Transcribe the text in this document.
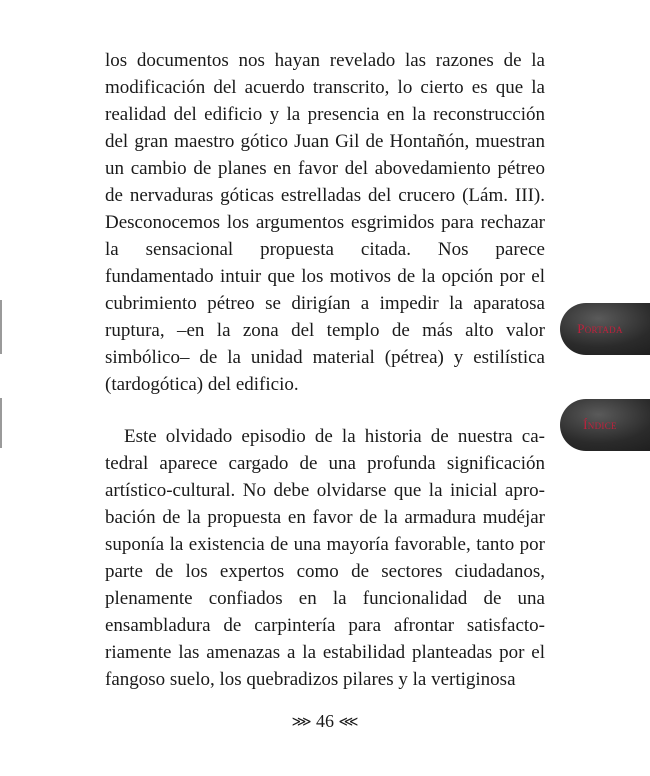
los documentos nos hayan revelado las razones de la modificación del acuerdo transcrito, lo cierto es que la realidad del edificio y la presencia en la reconstrucción del gran maestro gótico Juan Gil de Hontañón, muestran un cambio de planes en favor del abovedamiento pétreo de nervaduras góticas estrelladas del crucero (Lám. III). Desconocemos los argumentos esgrimidos para rechazar la sensacional propuesta citada. Nos parece fundamentado intuir que los motivos de la opción por el cubrimiento pétreo se dirigían a impedir la aparatosa ruptura, –en la zona del templo de más alto valor simbólico– de la unidad material (pétrea) y estilística (tardogótica) del edificio.
Este olvidado episodio de la historia de nuestra catedral aparece cargado de una profunda significación artístico-cultural. No debe olvidarse que la inicial aprobación de la propuesta en favor de la armadura mudéjar suponía la existencia de una mayoría favorable, tanto por parte de los expertos como de sectores ciudadanos, plenamente confiados en la funcionalidad de una ensambladura de carpintería para afrontar satisfactoriamente las amenazas a la estabilidad planteadas por el fangoso suelo, los quebradizos pilares y la vertiginosa
Portada
Índice
⋙ 46 ⋘
